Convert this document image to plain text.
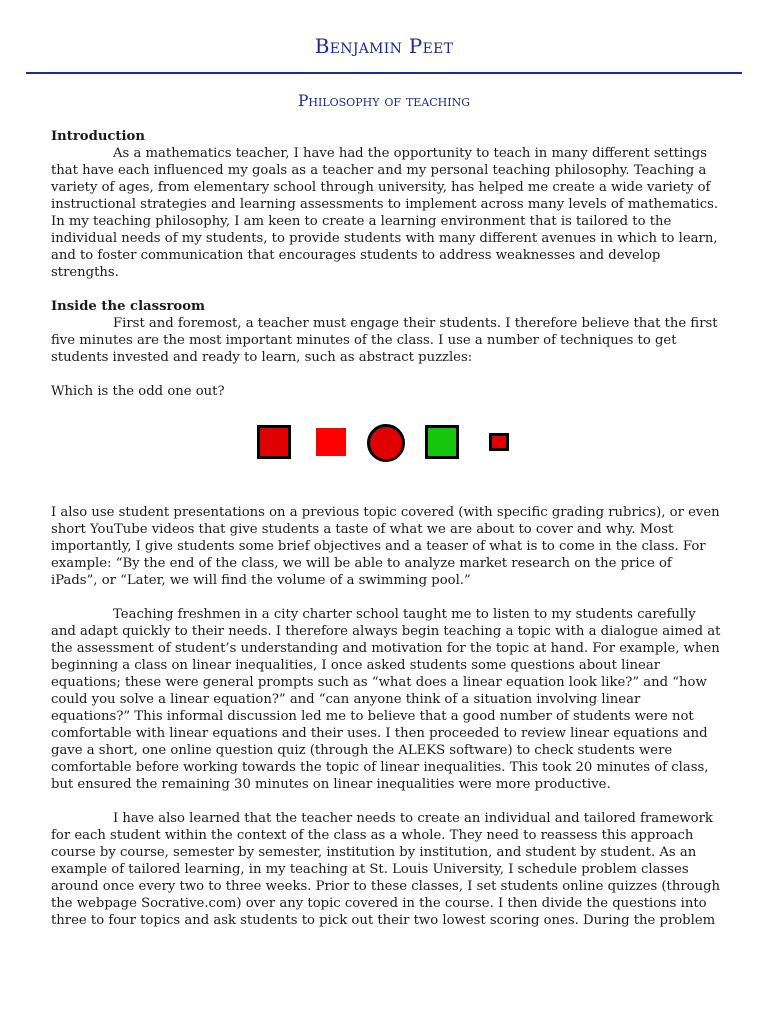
Benjamin Peet
Philosophy of teaching

Introduction

As a mathematics teacher, I have had the opportunity to teach in many different settings that have each influenced my goals as a teacher and my personal teaching philosophy. Teaching a variety of ages, from elementary school through university, has helped me create a wide variety of instructional strategies and learning assessments to implement across many levels of mathematics. In my teaching philosophy, I am keen to create a learning environment that is tailored to the individual needs of my students, to provide students with many different avenues in which to learn, and to foster communication that encourages students to address weaknesses and develop strengths.

Inside the classroom

First and foremost, a teacher must engage their students. I therefore believe that the first five minutes are the most important minutes of the class. I use a number of techniques to get students invested and ready to learn, such as abstract puzzles:

Which is the odd one out?

I also use student presentations on a previous topic covered (with specific grading rubrics), or even short YouTube videos that give students a taste of what we are about to cover and why. Most importantly, I give students some brief objectives and a teaser of what is to come in the class. For example: “By the end of the class, we will be able to analyze market research on the price of iPads”, or “Later, we will find the volume of a swimming pool.”

Teaching freshmen in a city charter school taught me to listen to my students carefully and adapt quickly to their needs. I therefore always begin teaching a topic with a dialogue aimed at the assessment of student’s understanding and motivation for the topic at hand. For example, when beginning a class on linear inequalities, I once asked students some questions about linear equations; these were general prompts such as “what does a linear equation look like?” and “how could you solve a linear equation?” and “can anyone think of a situation involving linear equations?” This informal discussion led me to believe that a good number of students were not comfortable with linear equations and their uses. I then proceeded to review linear equations and gave a short, one online question quiz (through the ALEKS software) to check students were comfortable before working towards the topic of linear inequalities. This took 20 minutes of class, but ensured the remaining 30 minutes on linear inequalities were more productive.

I have also learned that the teacher needs to create an individual and tailored framework for each student within the context of the class as a whole. They need to reassess this approach course by course, semester by semester, institution by institution, and student by student. As an example of tailored learning, in my teaching at St. Louis University, I schedule problem classes around once every two to three weeks. Prior to these classes, I set students online quizzes (through the webpage Socrative.com) over any topic covered in the course. I then divide the questions into three to four topics and ask students to pick out their two lowest scoring ones. During the problem
